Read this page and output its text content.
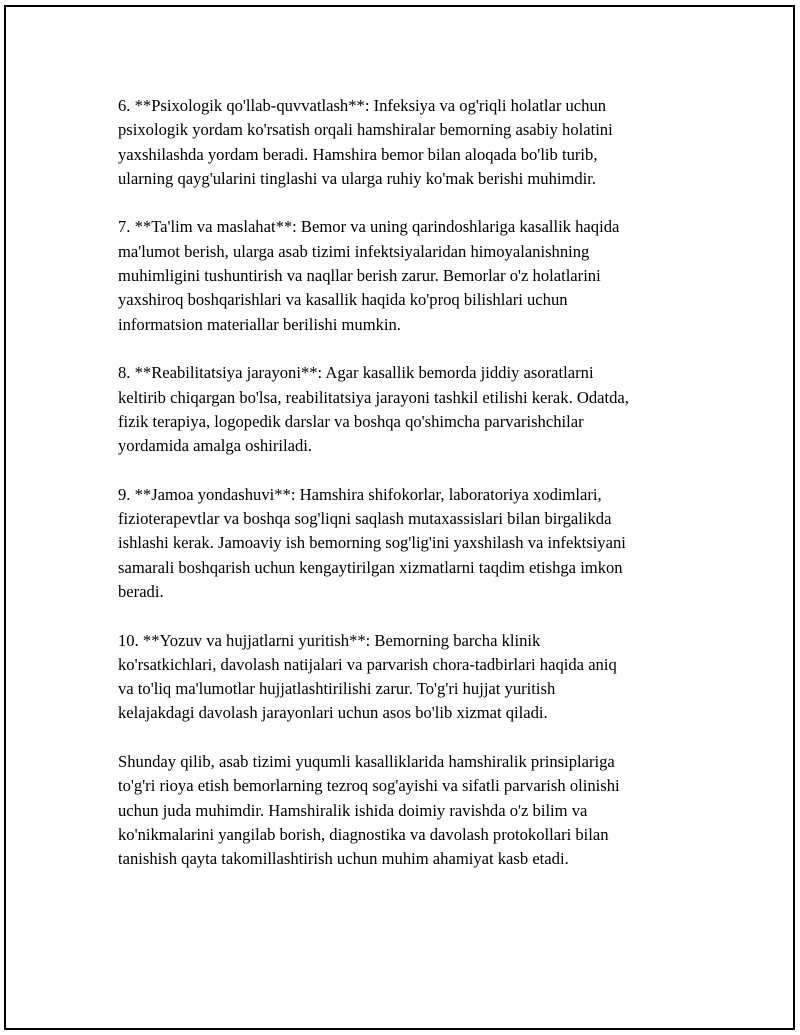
6. **Psixologik qo'llab-quvvatlash**: Infeksiya va og'riqli holatlar uchun
psixologik yordam ko'rsatish orqali hamshiralar bemorning asabiy holatini
yaxshilashda yordam beradi. Hamshira bemor bilan aloqada bo'lib turib,
ularning qayg'ularini tinglashi va ularga ruhiy ko'mak berishi muhimdir.

7. **Ta'lim va maslahat**: Bemor va uning qarindoshlariga kasallik haqida
ma'lumot berish, ularga asab tizimi infektsiyalaridan himoyalanishning
muhimligini tushuntirish va naqllar berish zarur. Bemorlar o'z holatlarini
yaxshiroq boshqarishlari va kasallik haqida ko'proq bilishlari uchun
informatsion materiallar berilishi mumkin.

8. **Reabilitatsiya jarayoni**: Agar kasallik bemorda jiddiy asoratlarni
keltirib chiqargan bo'lsa, reabilitatsiya jarayoni tashkil etilishi kerak. Odatda,
fizik terapiya, logopedik darslar va boshqa qo'shimcha parvarishchilar
yordamida amalga oshiriladi.

9. **Jamoa yondashuvi**: Hamshira shifokorlar, laboratoriya xodimlari,
fizioterapevtlar va boshqa sog'liqni saqlash mutaxassislari bilan birgalikda
ishlashi kerak. Jamoaviy ish bemorning sog'lig'ini yaxshilash va infektsiyani
samarali boshqarish uchun kengaytirilgan xizmatlarni taqdim etishga imkon
beradi.

10. **Yozuv va hujjatlarni yuritish**: Bemorning barcha klinik
ko'rsatkichlari, davolash natijalari va parvarish chora-tadbirlari haqida aniq
va to'liq ma'lumotlar hujjatlashtirilishi zarur. To'g'ri hujjat yuritish
kelajakdagi davolash jarayonlari uchun asos bo'lib xizmat qiladi.

Shunday qilib, asab tizimi yuqumli kasalliklarida hamshiralik prinsiplariga
to'g'ri rioya etish bemorlarning tezroq sog'ayishi va sifatli parvarish olinishi
uchun juda muhimdir. Hamshiralik ishida doimiy ravishda o'z bilim va
ko'nikmalarini yangilab borish, diagnostika va davolash protokollari bilan
tanishish qayta takomillashtirish uchun muhim ahamiyat kasb etadi.
